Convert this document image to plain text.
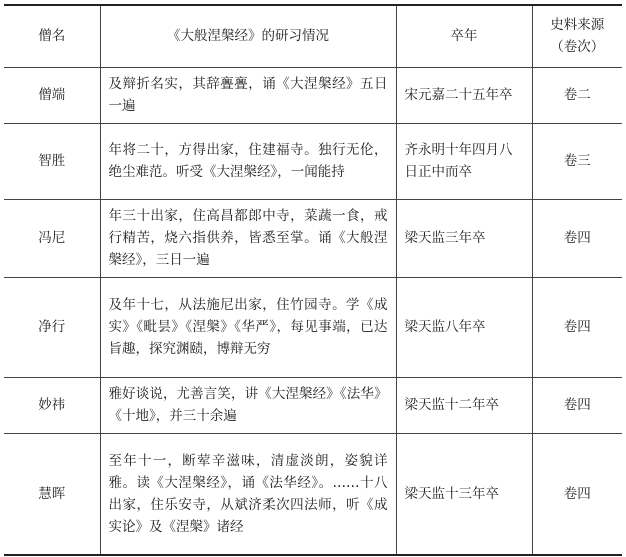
僧名	《大般涅槃经》的研习情况	卒年	史料来源
（卷次）

僧端	及辩折名实，其辞亹亹，诵《大涅槃经》五日一遍	宋元嘉二十五年卒	卷二
智胜	年将二十，方得出家，住建福寺。独行无伦，绝尘难范。听受《大涅槃经》，一闻能持	齐永明十年四月八日正中而卒	卷三
冯尼	年三十出家，住高昌都郎中寺，菜蔬一食，戒行精苦，烧六指供养，皆悉至掌。诵《大般涅槃经》，三日一遍	梁天监三年卒	卷四
净行	及年十七，从法施尼出家，住竹园寺。学《成实》《毗昙》《涅槃》《华严》，每见事端，已达旨趣，探究渊赜，博辩无穷	梁天监八年卒	卷四
妙祎	雅好谈说，尤善言笑，讲《大涅槃经》《法华》《十地》，并三十余遍	梁天监十二年卒	卷四
慧晖	至年十一，断荤辛滋味，清虚淡朗，姿貌详雅。读《大涅槃经》，诵《法华经》。……十八出家，住乐安寺，从斌济柔次四法师，听《成实论》及《涅槃》诸经	梁天监十三年卒	卷四
